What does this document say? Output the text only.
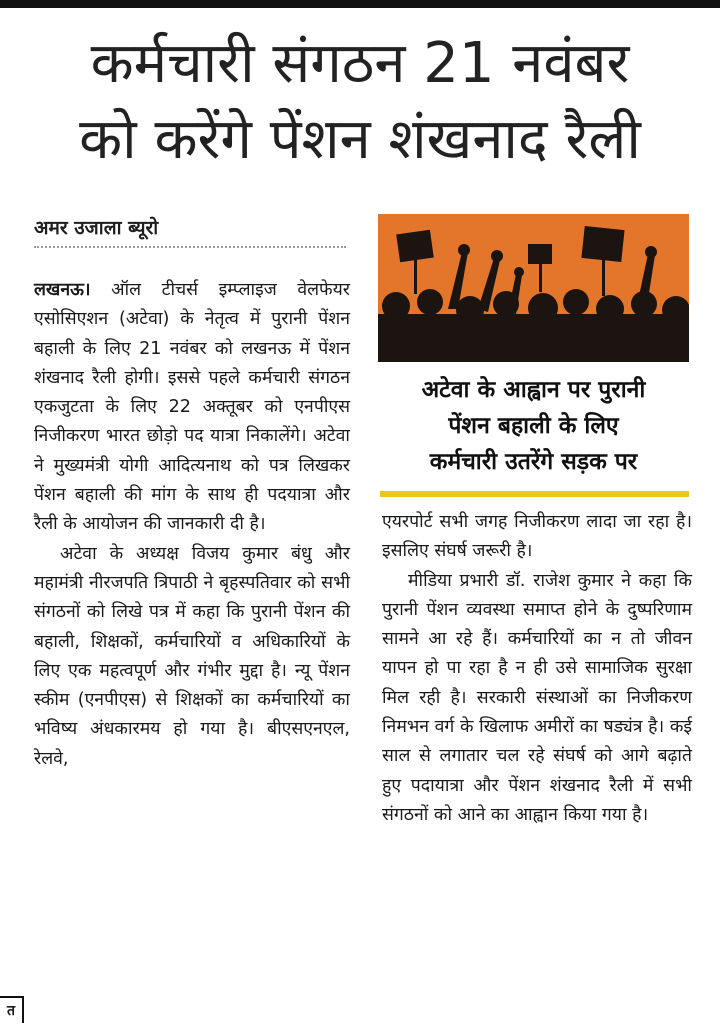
कर्मचारी संगठन 21 नवंबर
को करेंगे पेंशन शंखनाद रैली
अमर उजाला ब्यूरो

लखनऊ। ऑल टीचर्स इम्प्लाइज वेलफेयर एसोसिएशन (अटेवा) के नेतृत्व में पुरानी पेंशन बहाली के लिए 21 नवंबर को लखनऊ में पेंशन शंखनाद रैली होगी। इससे पहले कर्मचारी संगठन एकजुटता के लिए 22 अक्तूबर को एनपीएस निजीकरण भारत छोड़ो पद यात्रा निकालेंगे। अटेवा ने मुख्यमंत्री योगी आदित्यनाथ को पत्र लिखकर पेंशन बहाली की मांग के साथ ही पदयात्रा और रैली के आयोजन की जानकारी दी है।

अटेवा के अध्यक्ष विजय कुमार बंधु और महामंत्री नीरजपति त्रिपाठी ने बृहस्पतिवार को सभी संगठनों को लिखे पत्र में कहा कि पुरानी पेंशन की बहाली, शिक्षकों, कर्मचारियों व अधिकारियों के लिए एक महत्वपूर्ण और गंभीर मुद्दा है। न्यू पेंशन स्कीम (एनपीएस) से शिक्षकों का कर्मचारियों का भविष्य अंधकारमय हो गया है। बीएसएनएल, रेलवे,

अटेवा के आह्वान पर पुरानी
पेंशन बहाली के लिए
कर्मचारी उतरेंगे सड़क पर

एयरपोर्ट सभी जगह निजीकरण लादा जा रहा है। इसलिए संघर्ष जरूरी है।

मीडिया प्रभारी डॉ. राजेश कुमार ने कहा कि पुरानी पेंशन व्यवस्था समाप्त होने के दुष्परिणाम सामने आ रहे हैं। कर्मचारियों का न तो जीवन यापन हो पा रहा है न ही उसे सामाजिक सुरक्षा मिल रही है। सरकारी संस्थाओं का निजीकरण निमभन वर्ग के खिलाफ अमीरों का षड्यंत्र है। कई साल से लगातार चल रहे संघर्ष को आगे बढ़ाते हुए पदायात्रा और पेंशन शंखनाद रैली में सभी संगठनों को आने का आह्वान किया गया है।

त
